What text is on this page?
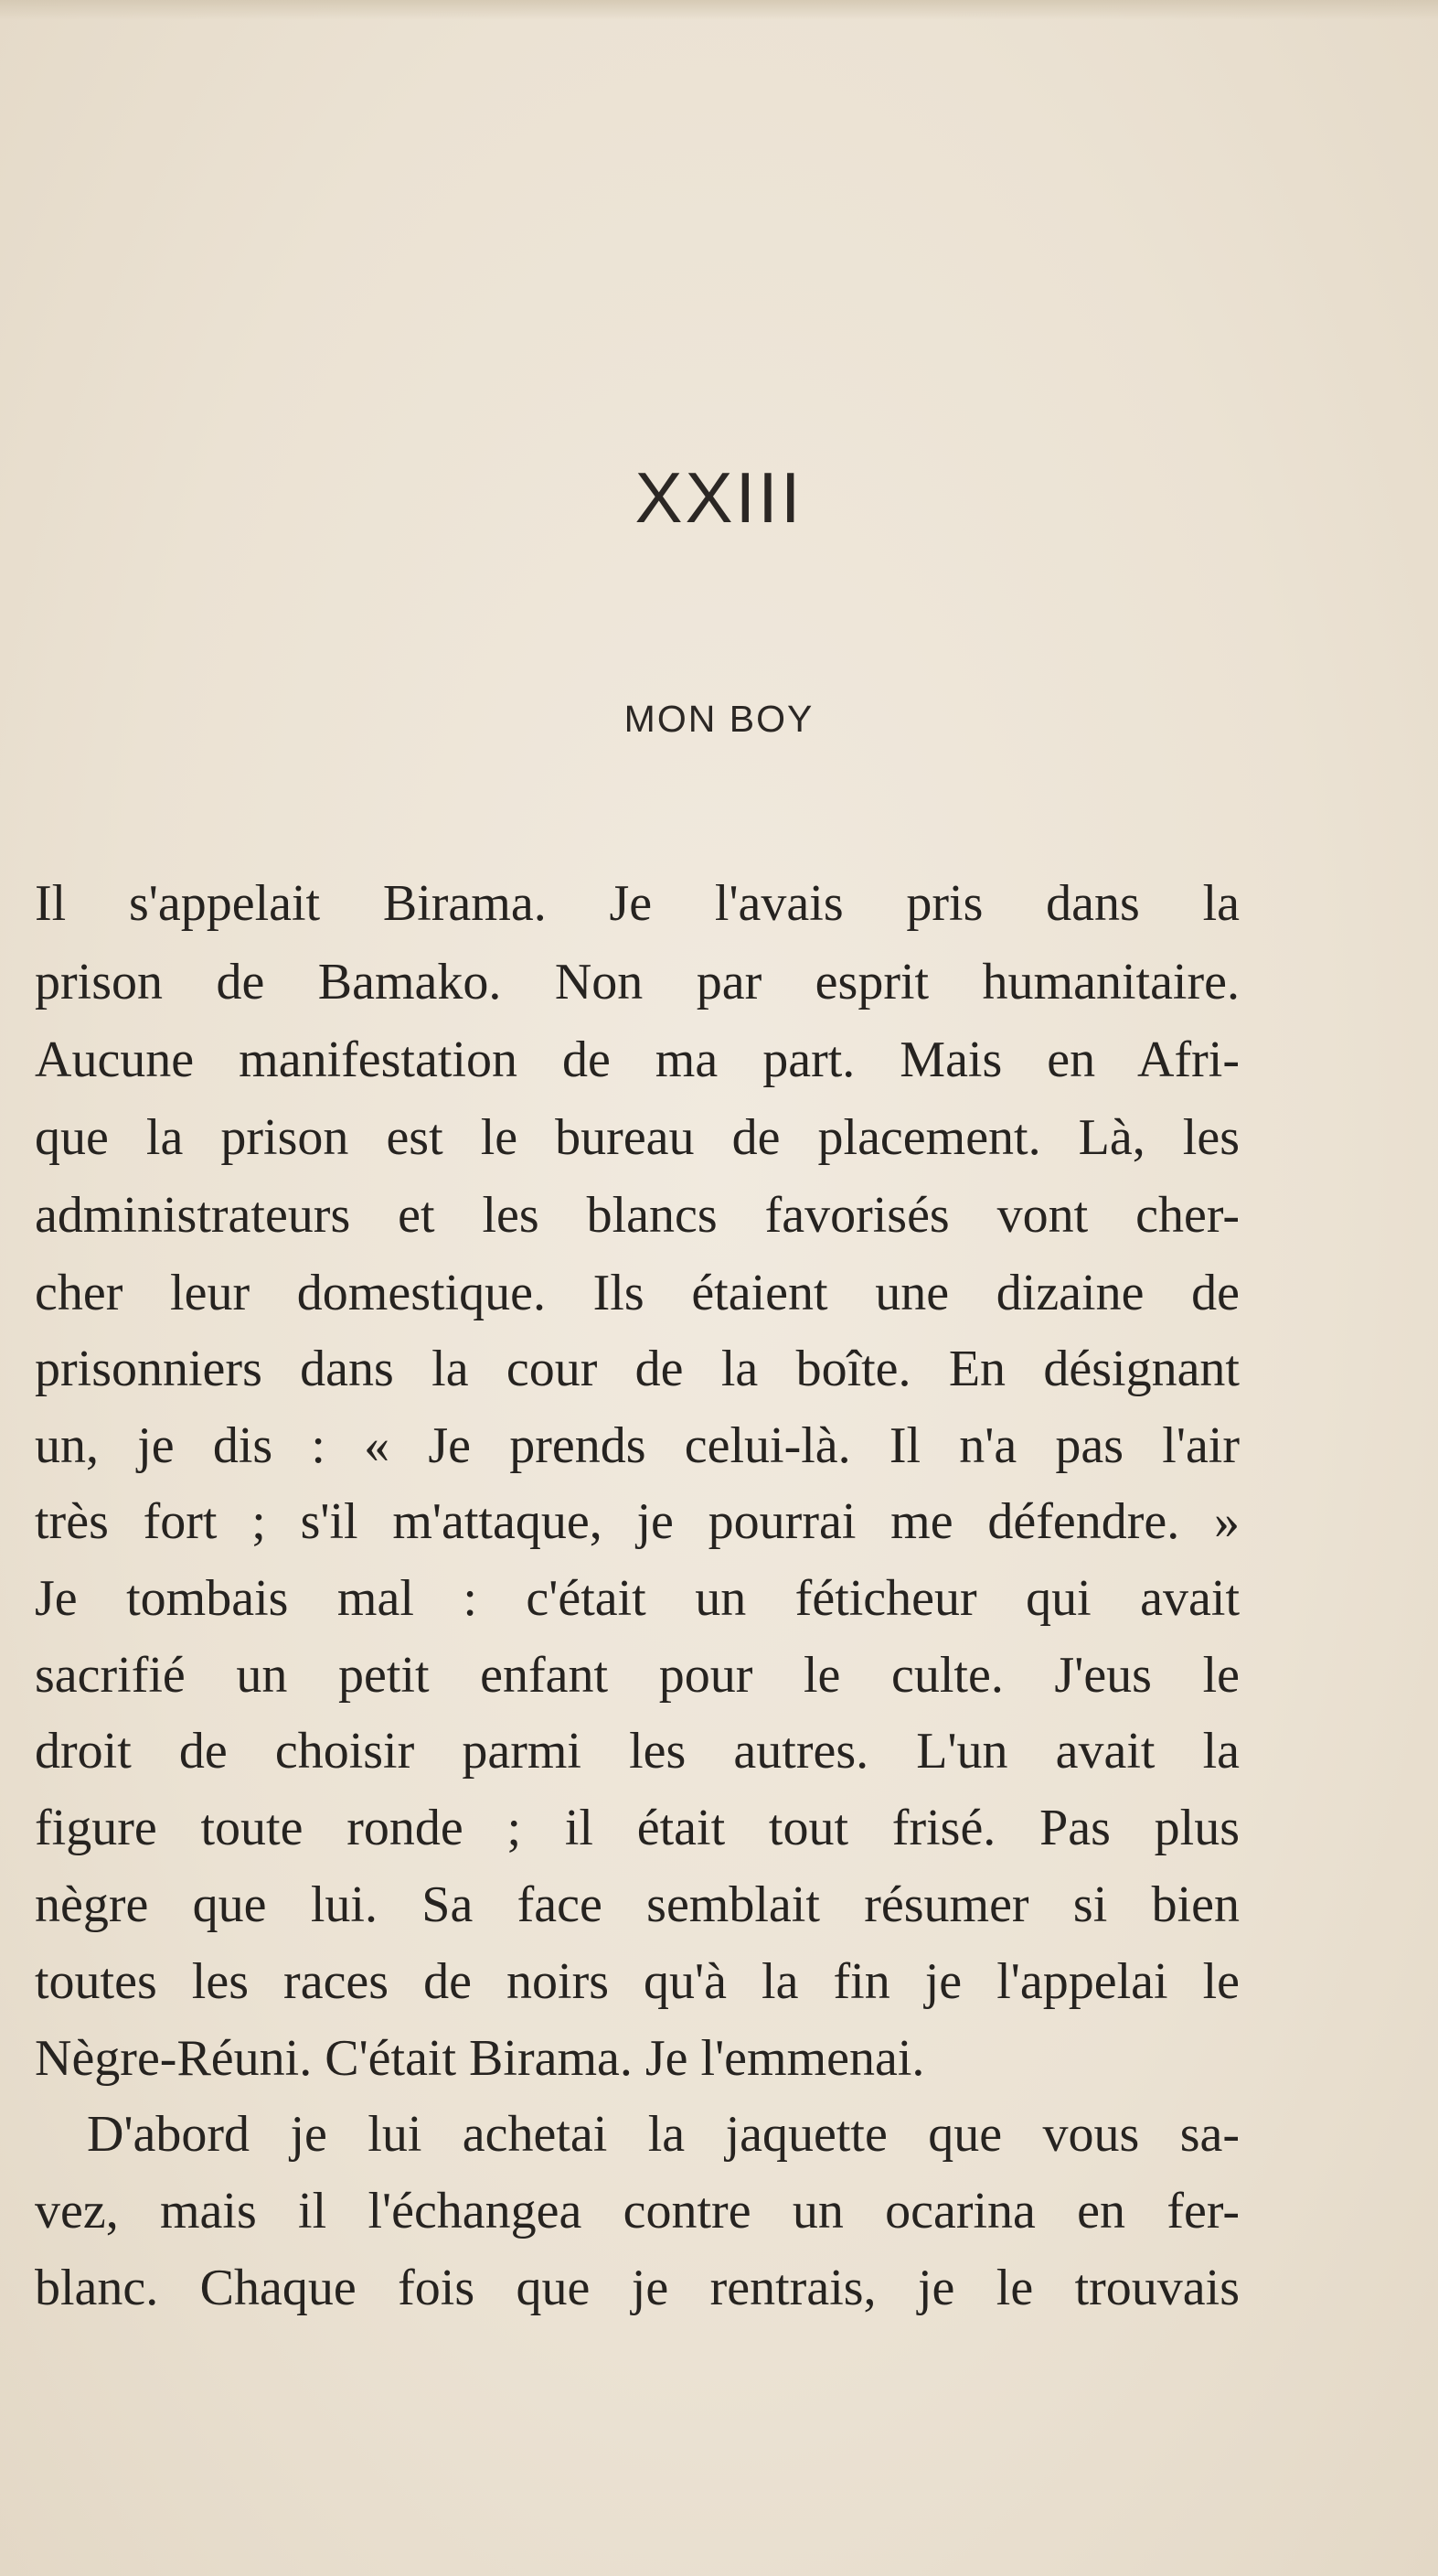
XXIII
MON BOY
Il s'appelait Birama. Je l'avais pris dans la
prison de Bamako. Non par esprit humanitaire.
Aucune manifestation de ma part. Mais en Afri-
que la prison est le bureau de placement. Là, les
administrateurs et les blancs favorisés vont cher-
cher leur domestique. Ils étaient une dizaine de
prisonniers dans la cour de la boîte. En désignant
un, je dis : « Je prends celui-là. Il n'a pas l'air
très fort ; s'il m'attaque, je pourrai me défendre. »
Je tombais mal : c'était un féticheur qui avait
sacrifié un petit enfant pour le culte. J'eus le
droit de choisir parmi les autres. L'un avait la
figure toute ronde ; il était tout frisé. Pas plus
nègre que lui. Sa face semblait résumer si bien
toutes les races de noirs qu'à la fin je l'appelai le
Nègre-Réuni. C'était Birama. Je l'emmenai.
D'abord je lui achetai la jaquette que vous sa-
vez, mais il l'échangea contre un ocarina en fer-
blanc. Chaque fois que je rentrais, je le trouvais
